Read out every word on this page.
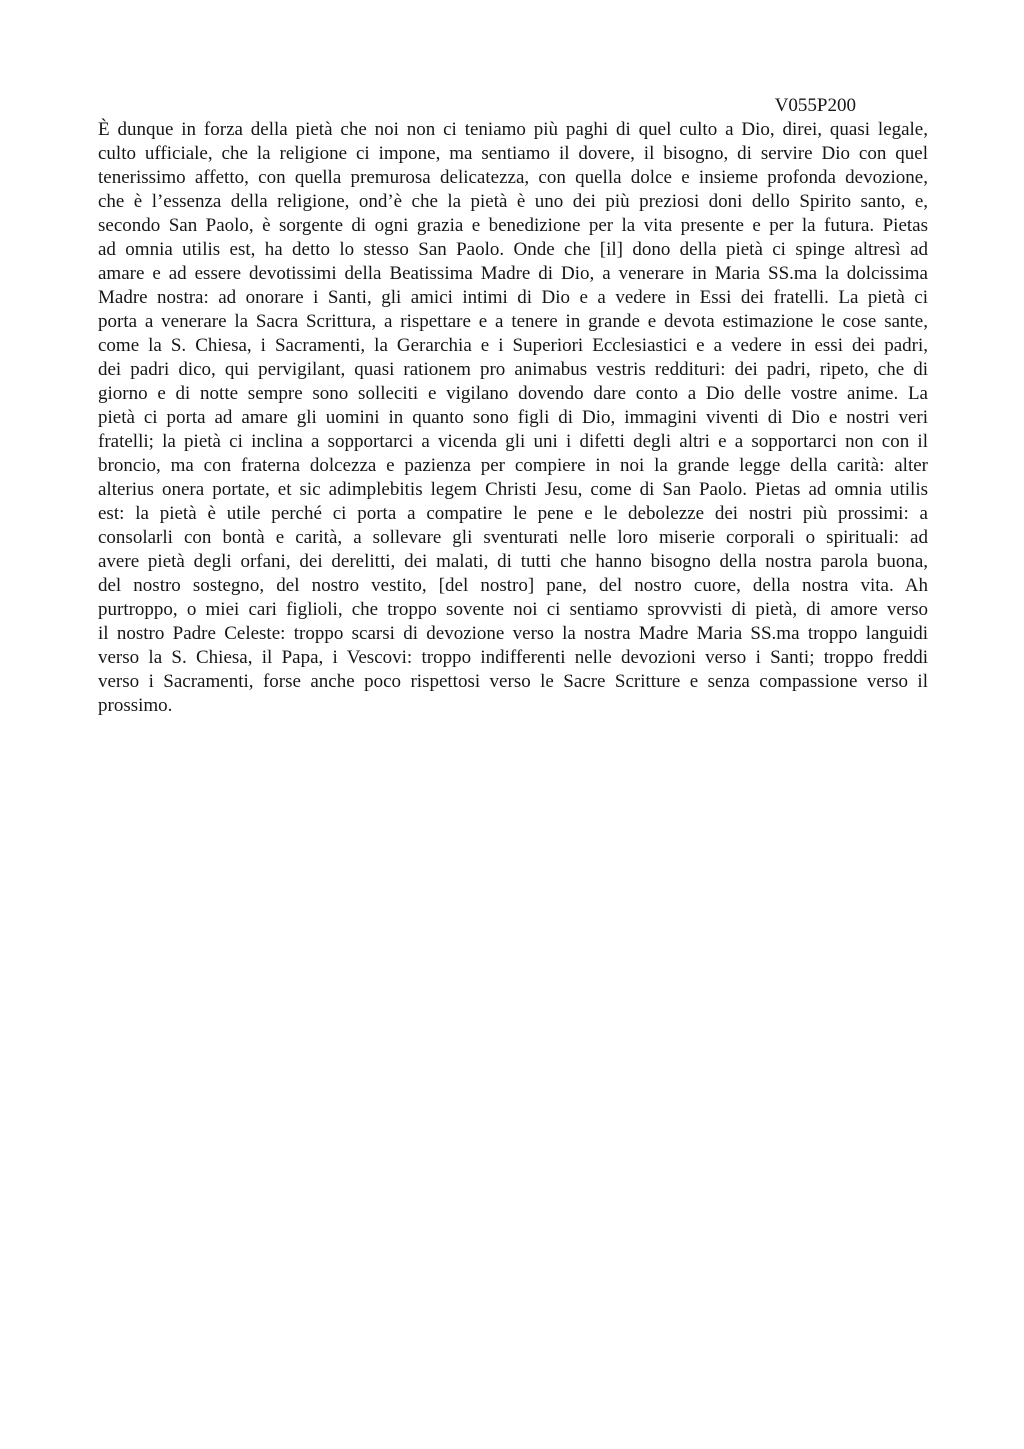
V055P200
È dunque in forza della pietà che noi non ci teniamo più paghi di quel culto a Dio, direi, quasi legale,
culto ufficiale, che la religione ci impone, ma sentiamo il dovere, il bisogno, di servire Dio con quel
tenerissimo affetto, con quella premurosa delicatezza, con quella dolce e insieme profonda devozione,
che è l’essenza della religione, ond’è che la pietà è uno dei più preziosi doni dello Spirito santo, e,
secondo San Paolo, è sorgente di ogni grazia e benedizione per la vita presente e per la futura. Pietas
ad omnia utilis est, ha detto lo stesso San Paolo. Onde che [il] dono della pietà ci spinge altresì ad
amare e ad essere devotissimi della Beatissima Madre di Dio, a venerare in Maria SS.ma la dolcissima
Madre nostra: ad onorare i Santi, gli amici intimi di Dio e a vedere in Essi dei fratelli. La pietà ci
porta a venerare la Sacra Scrittura, a rispettare e a tenere in grande e devota estimazione le cose sante,
come la S. Chiesa, i Sacramenti, la Gerarchia e i Superiori Ecclesiastici e a vedere in essi dei padri,
dei padri dico, qui pervigilant, quasi rationem pro animabus vestris reddituri: dei padri, ripeto, che di
giorno e di notte sempre sono solleciti e vigilano dovendo dare conto a Dio delle vostre anime. La
pietà ci porta ad amare gli uomini in quanto sono figli di Dio, immagini viventi di Dio e nostri veri
fratelli; la pietà ci inclina a sopportarci a vicenda gli uni i difetti degli altri e a sopportarci non con il
broncio, ma con fraterna dolcezza e pazienza per compiere in noi la grande legge della carità: alter
alterius onera portate, et sic adimplebitis legem Christi Jesu, come di San Paolo. Pietas ad omnia utilis
est: la pietà è utile perché ci porta a compatire le pene e le debolezze dei nostri più prossimi: a
consolarli con bontà e carità, a sollevare gli sventurati nelle loro miserie corporali o spirituali: ad
avere pietà degli orfani, dei derelitti, dei malati, di tutti che hanno bisogno della nostra parola buona,
del nostro sostegno, del nostro vestito, [del nostro] pane, del nostro cuore, della nostra vita. Ah
purtroppo, o miei cari figlioli, che troppo sovente noi ci sentiamo sprovvisti di pietà, di amore verso
il nostro Padre Celeste: troppo scarsi di devozione verso la nostra Madre Maria SS.ma troppo languidi
verso la S. Chiesa, il Papa, i Vescovi: troppo indifferenti nelle devozioni verso i Santi; troppo freddi
verso i Sacramenti, forse anche poco rispettosi verso le Sacre Scritture e senza compassione verso il
prossimo.
